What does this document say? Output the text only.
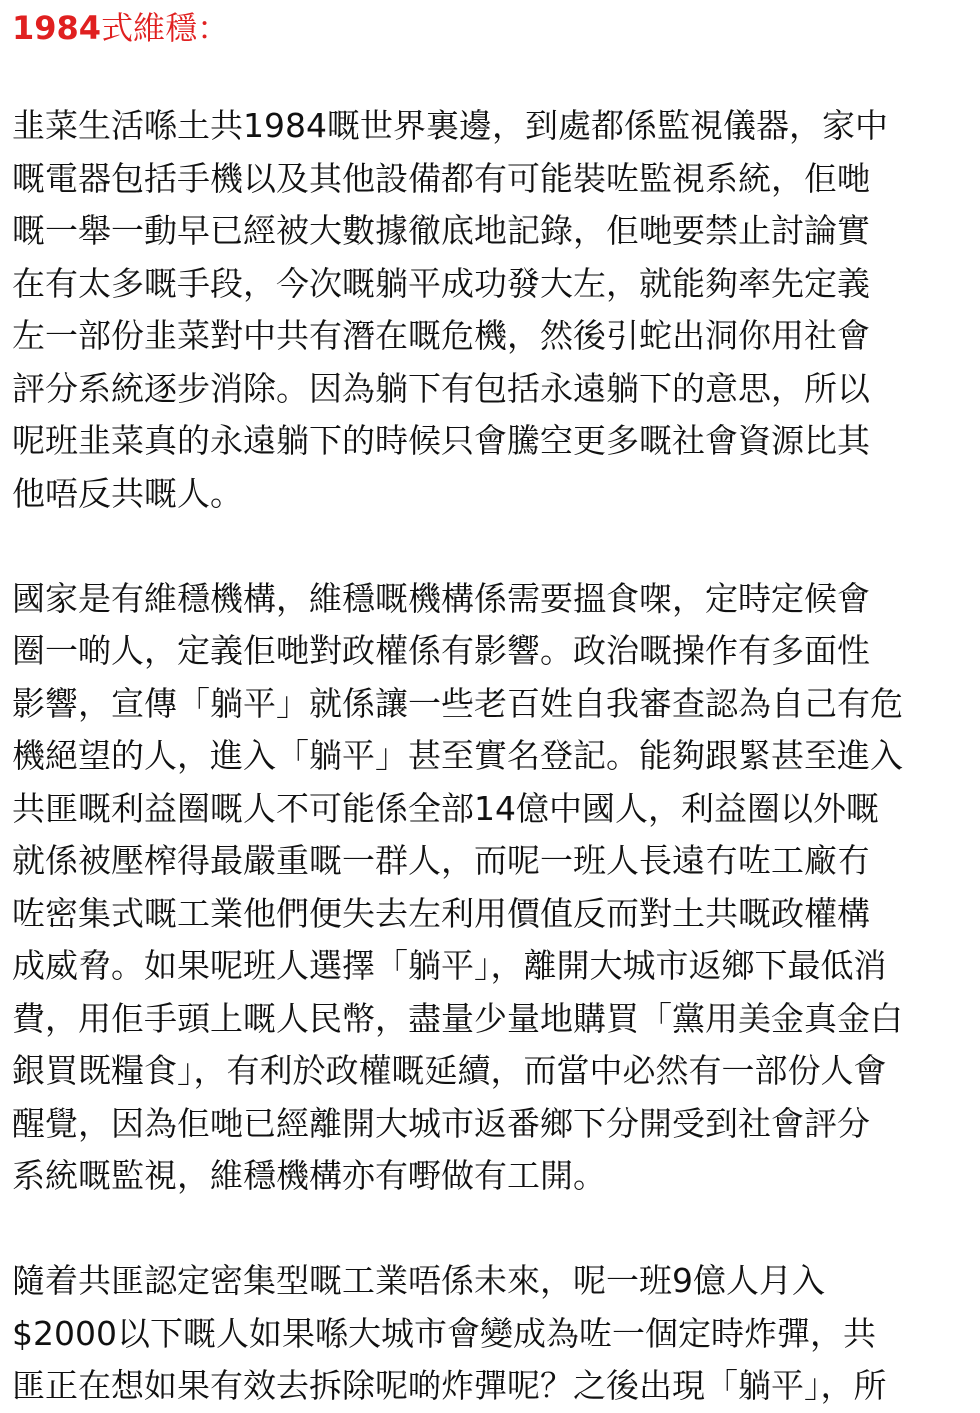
1984式維穩：
韭菜生活喺土共1984嘅世界裏邊，到處都係監視儀器，家中
嘅電器包括手機以及其他設備都有可能裝咗監視系統，佢哋
嘅一舉一動早已經被大數據徹底地記錄，佢哋要禁止討論實
在有太多嘅手段，今次嘅躺平成功發大左，就能夠率先定義
左一部份韭菜對中共有潛在嘅危機，然後引蛇出洞你用社會
評分系統逐步消除。因為躺下有包括永遠躺下的意思，所以
呢班韭菜真的永遠躺下的時候只會騰空更多嘅社會資源比其
他唔反共嘅人。
國家是有維穩機構，維穩嘅機構係需要搵食㗎，定時定候會
圈一啲人，定義佢哋對政權係有影響。政治嘅操作有多面性
影響，宣傳「躺平」就係讓一些老百姓自我審查認為自己有危
機絕望的人，進入「躺平」甚至實名登記。能夠跟緊甚至進入
共匪嘅利益圈嘅人不可能係全部14億中國人，利益圈以外嘅
就係被壓榨得最嚴重嘅一群人，而呢一班人長遠冇咗工廠冇
咗密集式嘅工業他們便失去左利用價值反而對土共嘅政權構
成威脅。如果呢班人選擇「躺平」，離開大城市返鄉下最低消
費，用佢手頭上嘅人民幣，盡量少量地購買「黨用美金真金白
銀買既糧食」，有利於政權嘅延續，而當中必然有一部份人會
醒覺，因為佢哋已經離開大城市返番鄉下分開受到社會評分
系統嘅監視，維穩機構亦有嘢做有工開。
隨着共匪認定密集型嘅工業唔係未來，呢一班9億人月入
$2000以下嘅人如果喺大城市會變成為咗一個定時炸彈，共
匪正在想如果有效去拆除呢啲炸彈呢？之後出現「躺平」，所
